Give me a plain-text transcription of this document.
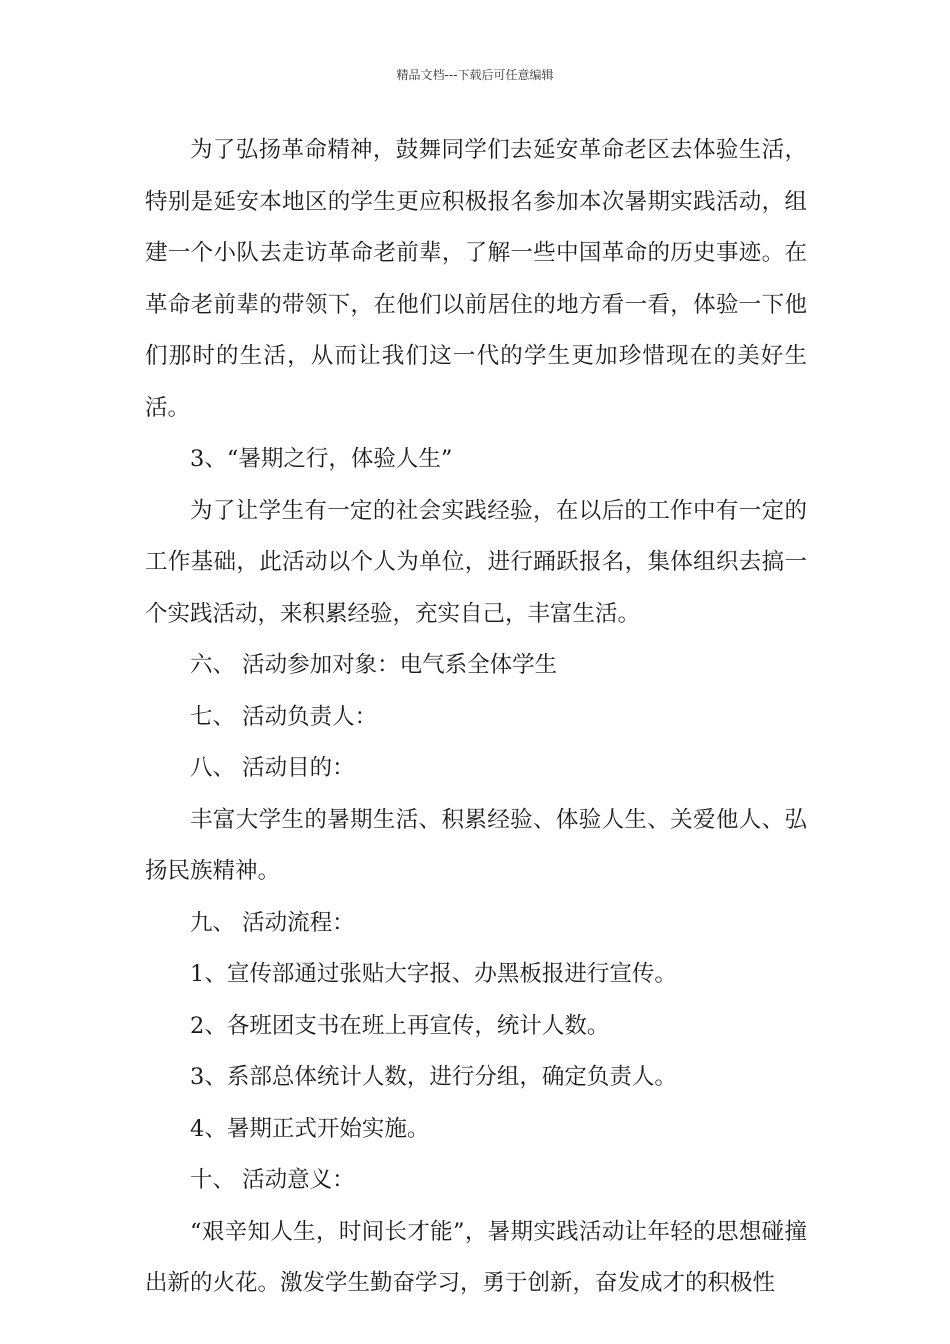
精品文档---下载后可任意编辑

为了弘扬革命精神，鼓舞同学们去延安革命老区去体验生活，特别是延安本地区的学生更应积极报名参加本次暑期实践活动，组建一个小队去走访革命老前辈，了解一些中国革命的历史事迹。在革命老前辈的带领下，在他们以前居住的地方看一看，体验一下他们那时的生活，从而让我们这一代的学生更加珍惜现在的美好生活。

3、“暑期之行，体验人生”

为了让学生有一定的社会实践经验，在以后的工作中有一定的工作基础，此活动以个人为单位，进行踊跃报名，集体组织去搞一个实践活动，来积累经验，充实自己，丰富生活。

六、 活动参加对象：电气系全体学生

七、 活动负责人：

八、 活动目的：

丰富大学生的暑期生活、积累经验、体验人生、关爱他人、弘扬民族精神。

九、 活动流程：

1、宣传部通过张贴大字报、办黑板报进行宣传。

2、各班团支书在班上再宣传，统计人数。

3、系部总体统计人数，进行分组，确定负责人。

4、暑期正式开始实施。

十、 活动意义：

“艰辛知人生，时间长才能”，暑期实践活动让年轻的思想碰撞出新的火花。激发学生勤奋学习，勇于创新，奋发成才的积极性
